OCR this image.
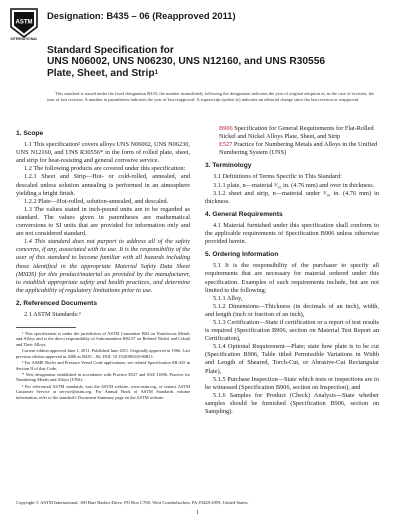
ASTM
INTERNATIONAL
Designation: B435 – 06 (Reapproved 2011)
Standard Specification for
UNS N06002, UNS N06230, UNS N12160, and UNS R30556
Plate, Sheet, and Strip$^1$
This standard is issued under the fixed designation B435; the number immediately following the designation indicates the year of original adoption or, in the case of revision, the year of last revision. A number in parentheses indicates the year of last reapproval. A superscript epsilon (ε) indicates an editorial change since the last revision or reapproval.
1. Scope

1.1 This specification² covers alloys UNS N06002, UNS N06230, UNS N12160, and UNS R30556* in the form of rolled plate, sheet, and strip for heat-resisting and general corrosive service.

1.2 The following products are covered under this specification:

1.2.1 Sheet and Strip—Hot- or cold-rolled, annealed, and descaled unless solution annealing is performed in an atmosphere yielding a bright finish.

1.2.2 Plate—Hot-rolled, solution-annealed, and descaled.

1.3 The values stated in inch-pound units are to be regarded as standard. The values given in parentheses are mathematical conversions to SI units that are provided for information only and are not considered standard.

1.4 This standard does not purport to address all of the safety concerns, if any, associated with its use. It is the responsibility of the user of this standard to become familiar with all hazards including those identified in the appropriate Material Safety Data Sheet (MSDS) for this product/material as provided by the manufacturer, to establish appropriate safety and health practices, and determine the applicability of regulatory limitations prior to use.

2. Referenced Documents

2.1 ASTM Standards:³

¹ This specification is under the jurisdiction of ASTM Committee B02 on Nonferrous Metals and Alloys and is the direct responsibility of Subcommittee B02.07 on Refined Nickel and Cobalt and Their Alloys.

Current edition approved June 1, 2011. Published June 2011. Originally approved in 1966. Last previous edition approved in 2006 as B435 – 06. DOI: 10.1520/B0435-06R11.

² For ASME Boiler and Pressure Vessel Code applications, see related Specification SB-435 in Section II of that Code.

* New designation established in accordance with Practice E527 and SAE J1086, Practice for Numbering Metals and Alloys (UNS).

³ For referenced ASTM standards, visit the ASTM website, www.astm.org, or contact ASTM Customer Service at service@astm.org. For Annual Book of ASTM Standards volume information, refer to the standard's Document Summary page on the ASTM website.

B906 Specification for General Requirements for Flat-Rolled Nickel and Nickel Alloys Plate, Sheet, and Strip

E527 Practice for Numbering Metals and Alloys in the Unified Numbering System (UNS)

3. Terminology

3.1 Definitions of Terms Specific to This Standard:

3.1.1 plate, n—material ³⁄₁₆ in. (4.76 mm) and over in thickness.

3.1.2 sheet and strip, n—material under ³⁄₁₆ in. (4.76 mm) in thickness.

4. General Requirements

4.1 Material furnished under this specification shall conform to the applicable requirements of Specification B906 unless otherwise provided herein.

5. Ordering Information

5.1 It is the responsibility of the purchaser to specify all requirements that are necessary for material ordered under this specification. Examples of such requirements include, but are not limited to the following:

5.1.1 Alloy,

5.1.2 Dimensions—Thickness (in decimals of an inch), width, and length (inch or fraction of an inch),

5.1.3 Certification—State if certification or a report of test results is required (Specification B906, section on Material Test Report an Certification),

5.1.4 Optional Requirement—Plate; state how plate is to be cut (Specification B906, Table titled Permissible Variations in Width and Length of Sheared, Torch-Cut, or Abrasive-Cut Rectangular Plate),

5.1.5 Purchase Inspection—State which tests or inspections are to be witnessed (Specification B906, section on Inspection), and

5.1.6 Samples for Product (Check) Analysis—State whether samples should be furnished (Specification B906, section on Sampling).

Copyright © ASTM International, 100 Barr Harbor Drive, PO Box C700, West Conshohocken, PA 19428-2959, United States.
1
